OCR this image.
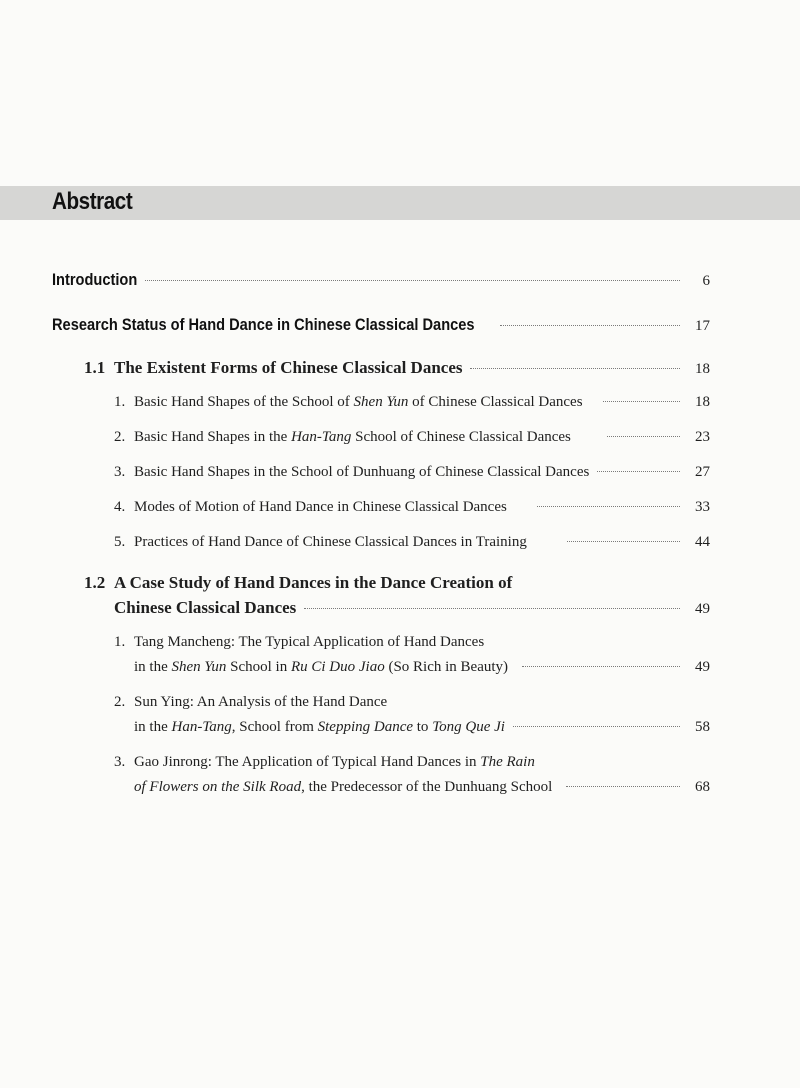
Abstract
Introduction	6
Research Status of Hand Dance in Chinese Classical Dances	17
1.1 The Existent Forms of Chinese Classical Dances	18
1. Basic Hand Shapes of the School of Shen Yun of Chinese Classical Dances	18
2. Basic Hand Shapes in the Han-Tang School of Chinese Classical Dances	23
3. Basic Hand Shapes in the School of Dunhuang of Chinese Classical Dances	27
4. Modes of Motion of Hand Dance in Chinese Classical Dances	33
5. Practices of Hand Dance of Chinese Classical Dances in Training	44
1.2 A Case Study of Hand Dances in the Dance Creation of
Chinese Classical Dances	49
1. Tang Mancheng: The Typical Application of Hand Dances
in the Shen Yun School in Ru Ci Duo Jiao (So Rich in Beauty)	49
2. Sun Ying: An Analysis of the Hand Dance
in the Han-Tang, School from Stepping Dance to Tong Que Ji	58
3. Gao Jinrong: The Application of Typical Hand Dances in The Rain
of Flowers on the Silk Road, the Predecessor of the Dunhuang School	68
